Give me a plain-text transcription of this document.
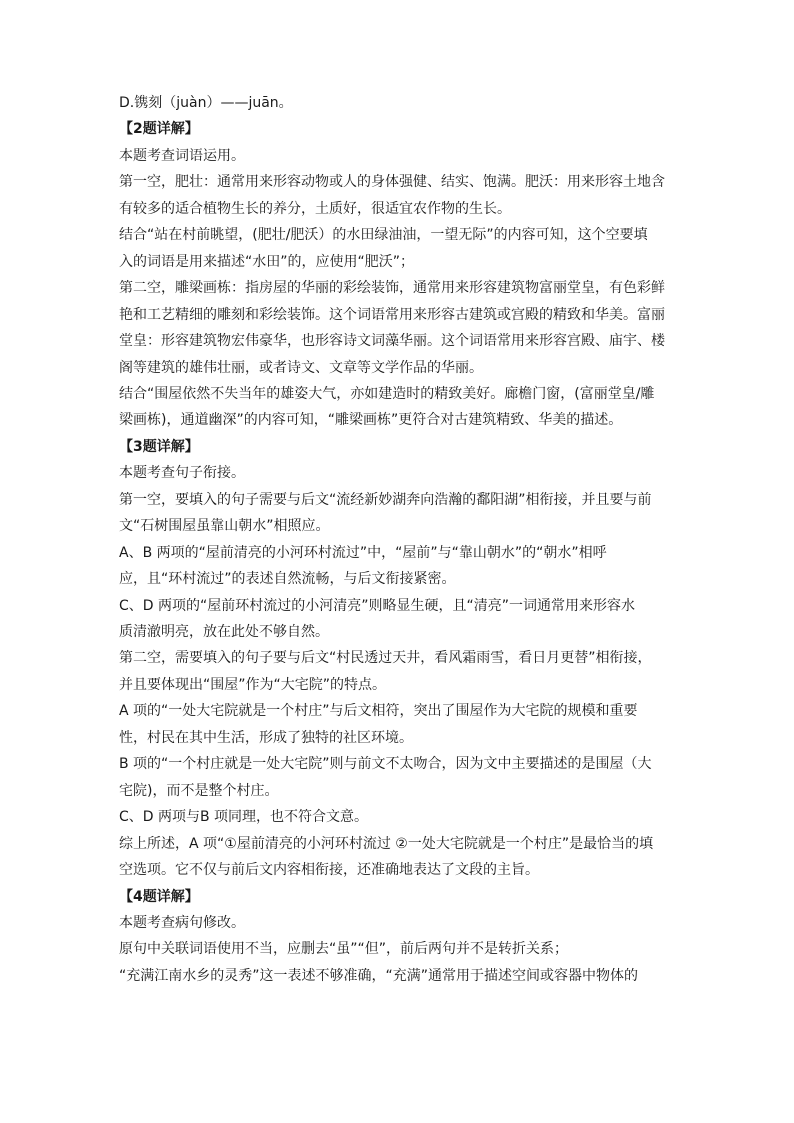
D.镌刻（juàn）——juān。
【2题详解】
本题考查词语运用。
第一空，肥壮：通常用来形容动物或人的身体强健、结实、饱满。肥沃：用来形容土地含
有较多的适合植物生长的养分，土质好，很适宜农作物的生长。
结合“站在村前眺望，(肥壮/肥沃）的水田绿油油，一望无际”的内容可知，这个空要填
入的词语是用来描述“水田”的，应使用“肥沃”；
第二空，雕梁画栋：指房屋的华丽的彩绘装饰，通常用来形容建筑物富丽堂皇，有色彩鲜
艳和工艺精细的雕刻和彩绘装饰。这个词语常用来形容古建筑或宫殿的精致和华美。富丽
堂皇：形容建筑物宏伟豪华，也形容诗文词藻华丽。这个词语常用来形容宫殿、庙宇、楼
阁等建筑的雄伟壮丽，或者诗文、文章等文学作品的华丽。
结合“围屋依然不失当年的雄姿大气，亦如建造时的精致美好。廊檐门窗，(富丽堂皇/雕
梁画栋)，通道幽深”的内容可知，“雕梁画栋”更符合对古建筑精致、华美的描述。
【3题详解】
本题考查句子衔接。
第一空，要填入的句子需要与后文“流经新妙湖奔向浩瀚的鄱阳湖”相衔接，并且要与前
文“石树围屋虽靠山朝水”相照应。
A、B 两项的“屋前清亮的小河环村流过”中，“屋前”与“靠山朝水”的“朝水”相呼
应，且“环村流过”的表述自然流畅，与后文衔接紧密。
C、D 两项的“屋前环村流过的小河清亮”则略显生硬，且“清亮”一词通常用来形容水
质清澈明亮，放在此处不够自然。
第二空，需要填入的句子要与后文“村民透过天井，看风霜雨雪，看日月更替”相衔接，
并且要体现出“围屋”作为“大宅院”的特点。
A 项的“一处大宅院就是一个村庄”与后文相符，突出了围屋作为大宅院的规模和重要
性，村民在其中生活，形成了独特的社区环境。
B 项的“一个村庄就是一处大宅院”则与前文不太吻合，因为文中主要描述的是围屋（大
宅院)，而不是整个村庄。
C、D 两项与B 项同理，也不符合文意。
综上所述，A 项“①屋前清亮的小河环村流过 ②一处大宅院就是一个村庄”是最恰当的填
空选项。它不仅与前后文内容相衔接，还准确地表达了文段的主旨。
【4题详解】
本题考查病句修改。
原句中关联词语使用不当，应删去“虽”“但”，前后两句并不是转折关系；
“充满江南水乡的灵秀”这一表述不够准确，“充满”通常用于描述空间或容器中物体的
